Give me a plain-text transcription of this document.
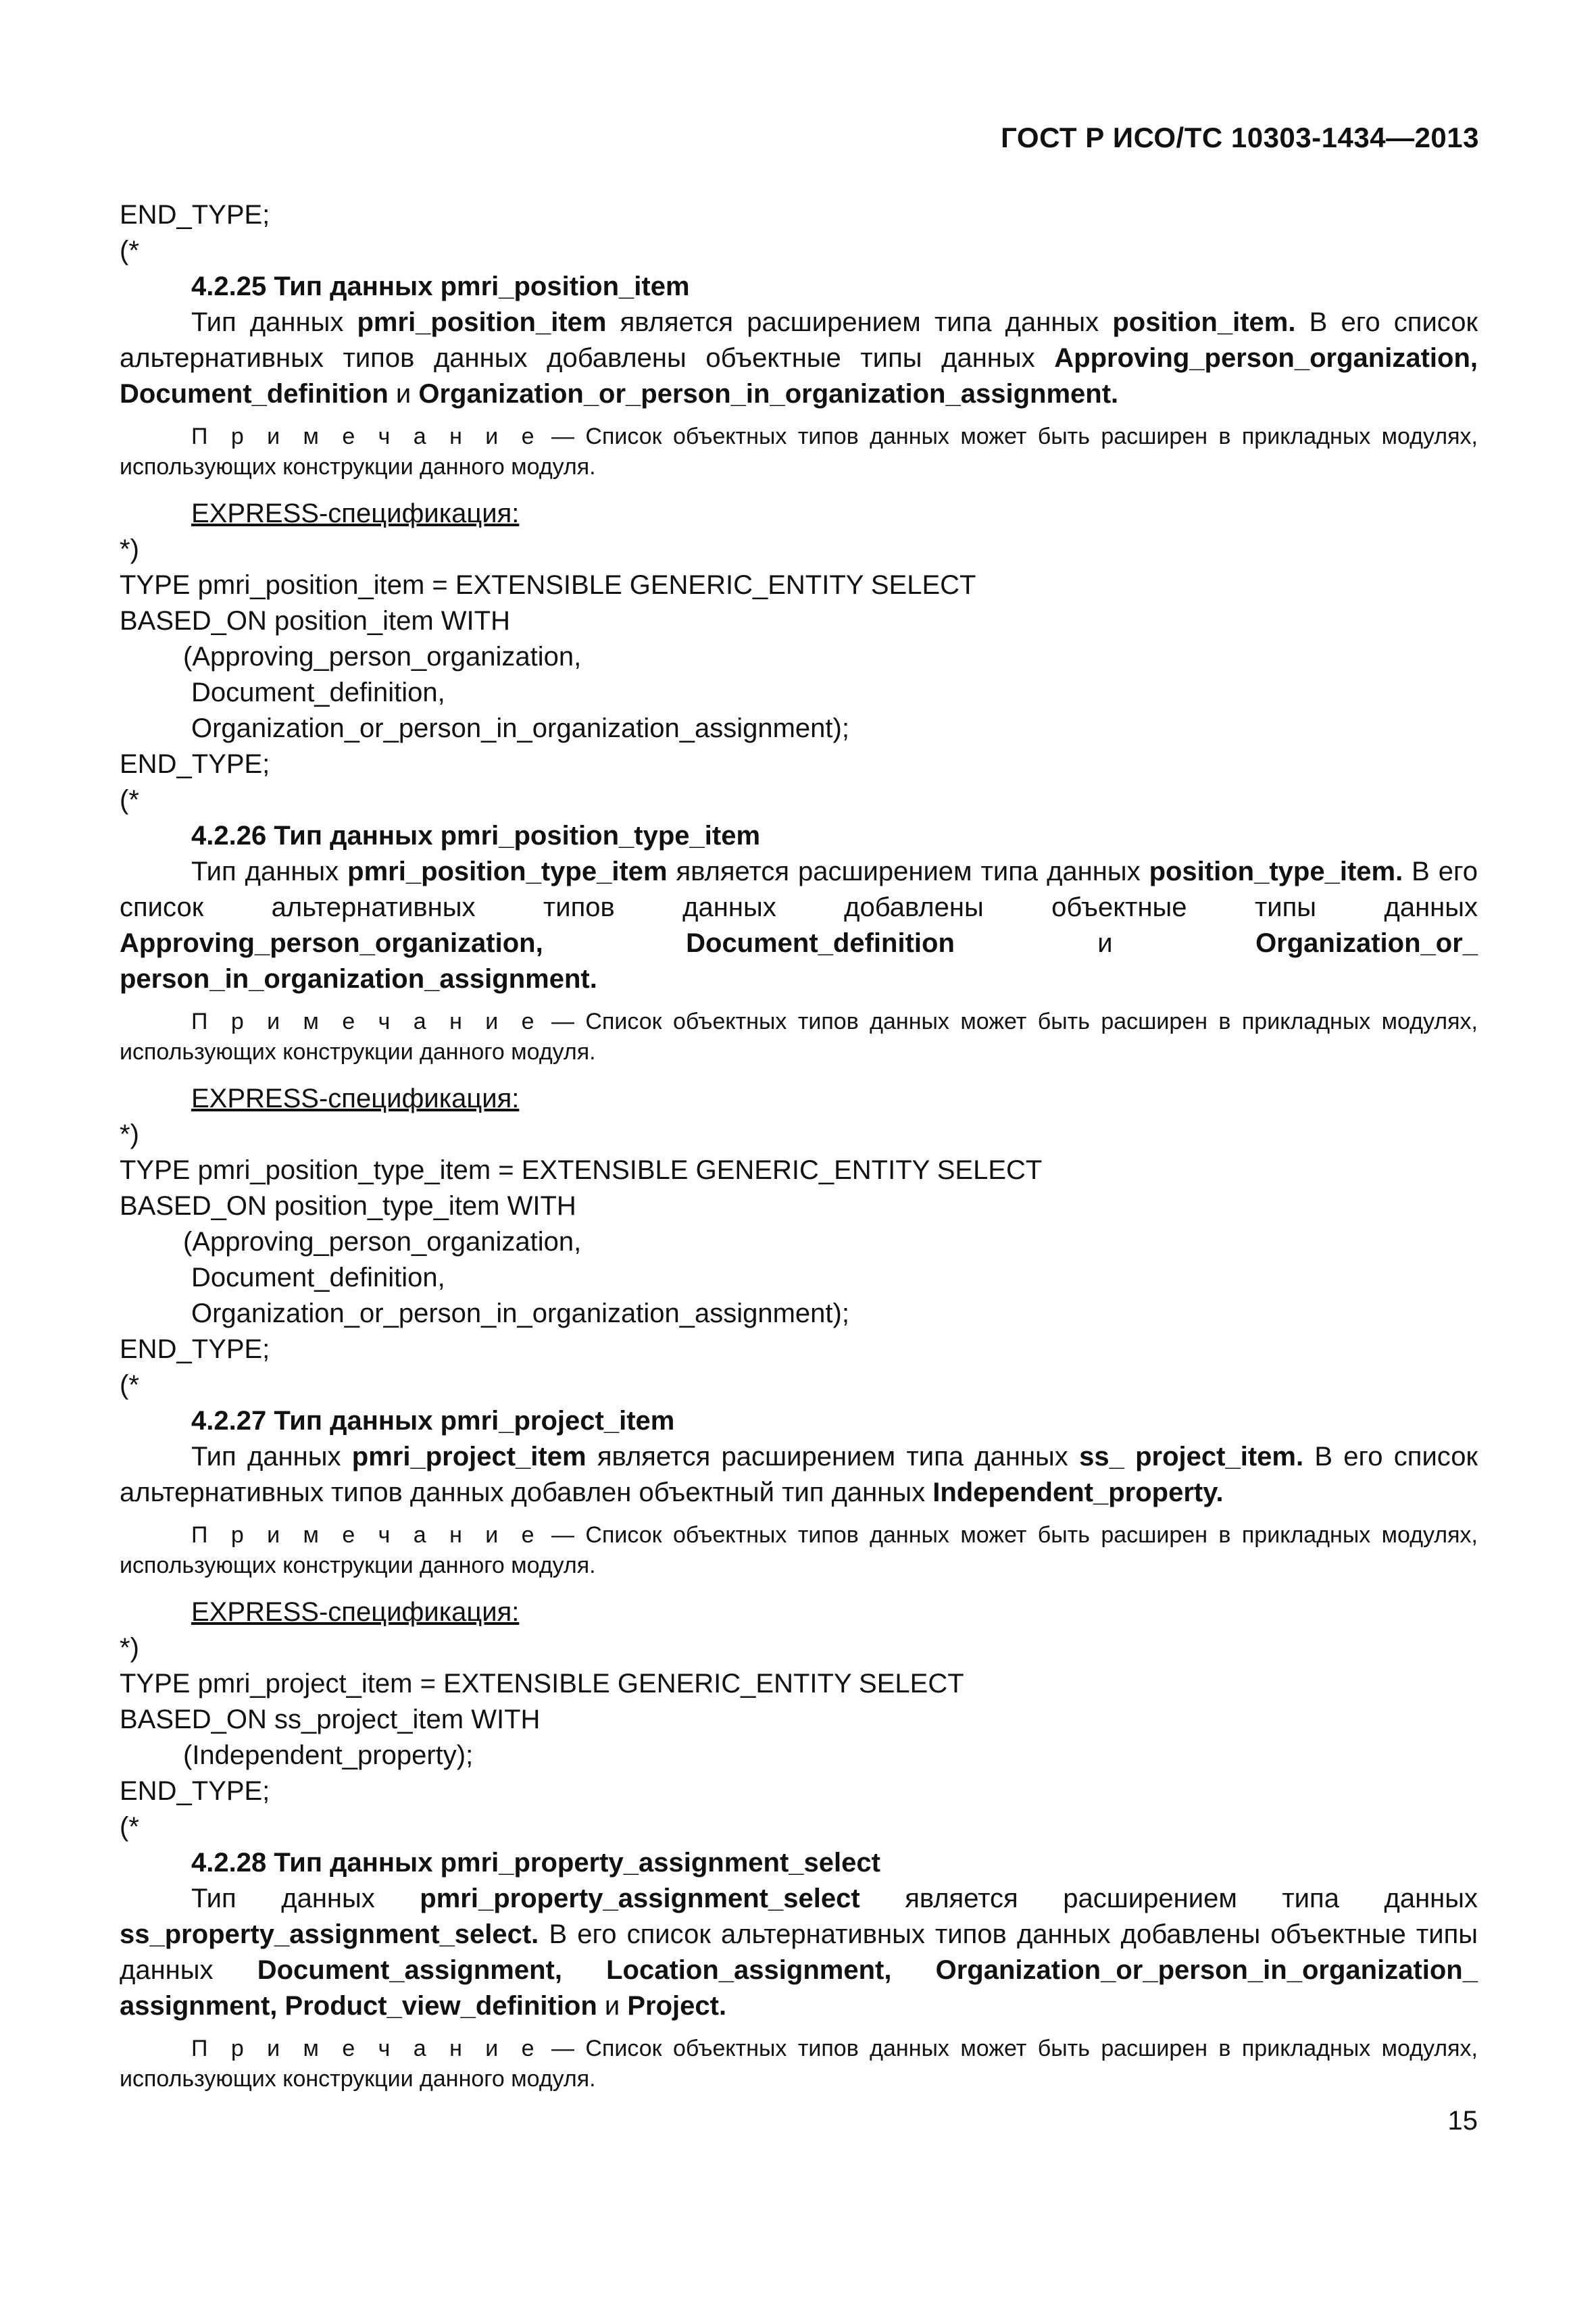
ГОСТ Р ИСО/ТС 10303-1434—2013
END_TYPE;
(*
4.2.25 Тип данных pmri_position_item

Тип данных pmri_position_item является расширением типа данных position_item. В его список альтернативных типов данных добавлены объектные типы данных Approving_person_organization, Document_definition и Organization_or_person_in_organization_assignment.

П р и м е ч а н и е — Список объектных типов данных может быть расширен в прикладных модулях, использующих конструкции данного модуля.

EXPRESS-спецификация:
*)
TYPE pmri_position_item = EXTENSIBLE GENERIC_ENTITY SELECT
BASED_ON position_item WITH
(Approving_person_organization,
Document_definition,
Organization_or_person_in_organization_assignment);
END_TYPE;
(*
4.2.26 Тип данных pmri_position_type_item

Тип данных pmri_position_type_item является расширением типа данных position_type_item. В его список альтернативных типов данных добавлены объектные типы данных Approving_person_organization, Document_definition и Organization_or_ person_in_organization_assignment.

П р и м е ч а н и е — Список объектных типов данных может быть расширен в прикладных модулях, использующих конструкции данного модуля.

EXPRESS-спецификация:
*)
TYPE pmri_position_type_item = EXTENSIBLE GENERIC_ENTITY SELECT
BASED_ON position_type_item WITH
(Approving_person_organization,
Document_definition,
Organization_or_person_in_organization_assignment);
END_TYPE;
(*
4.2.27 Тип данных pmri_project_item

Тип данных pmri_project_item является расширением типа данных ss_ project_item. В его список альтернативных типов данных добавлен объектный тип данных Independent_property.

П р и м е ч а н и е — Список объектных типов данных может быть расширен в прикладных модулях, использующих конструкции данного модуля.

EXPRESS-спецификация:
*)
TYPE pmri_project_item = EXTENSIBLE GENERIC_ENTITY SELECT
BASED_ON ss_project_item WITH
(Independent_property);
END_TYPE;
(*
4.2.28 Тип данных pmri_property_assignment_select

Тип данных pmri_property_assignment_select является расширением типа данных ss_property_assignment_select. В его список альтернативных типов данных добавлены объектные типы данных Document_assignment, Location_assignment, Organization_or_person_in_organization_ assignment, Product_view_definition и Project.

П р и м е ч а н и е — Список объектных типов данных может быть расширен в прикладных модулях, использующих конструкции данного модуля.

15
